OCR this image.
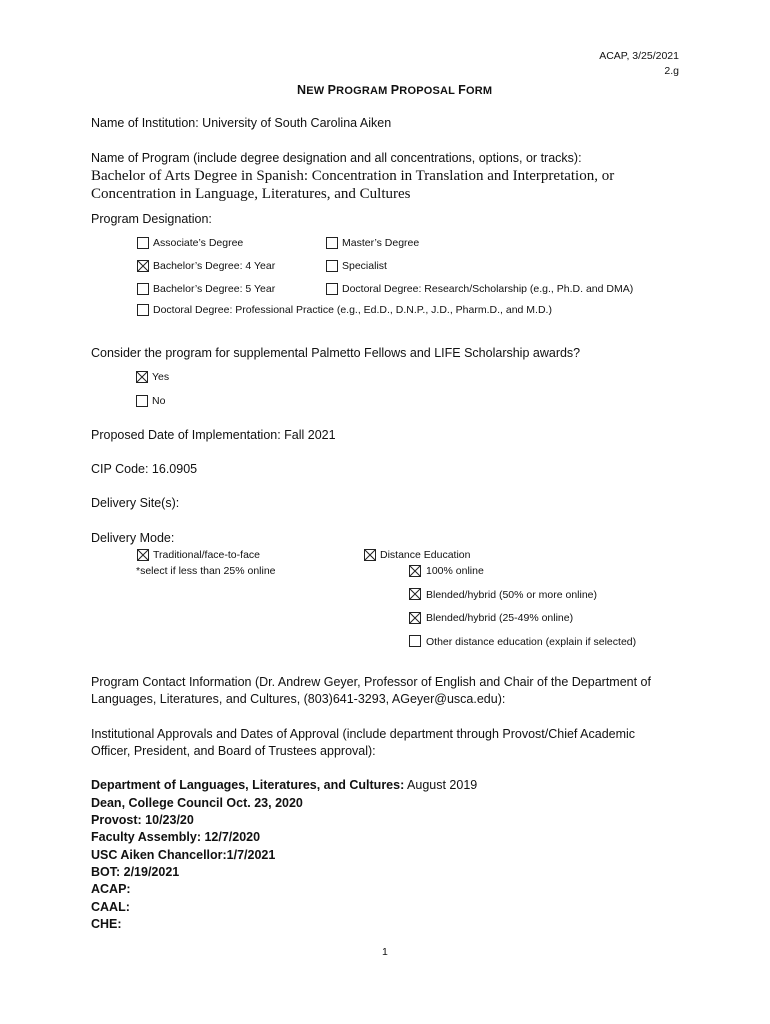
ACAP, 3/25/2021
2.g
NEW PROGRAM PROPOSAL FORM
Name of Institution: University of South Carolina Aiken
Name of Program (include degree designation and all concentrations, options, or tracks):
Bachelor of Arts Degree in Spanish: Concentration in Translation and Interpretation, or
Concentration in Language, Literatures, and Cultures
Program Designation:
Associate’s Degree	Master’s Degree
Bachelor’s Degree: 4 Year	Specialist
Bachelor’s Degree: 5 Year	Doctoral Degree: Research/Scholarship (e.g., Ph.D. and DMA)
Doctoral Degree: Professional Practice (e.g., Ed.D., D.N.P., J.D., Pharm.D., and M.D.)
Consider the program for supplemental Palmetto Fellows and LIFE Scholarship awards?
Yes
No
Proposed Date of Implementation: Fall 2021
CIP Code: 16.0905
Delivery Site(s):
Delivery Mode:
Traditional/face-to-face
*select if less than 25% online
Distance Education
100% online
Blended/hybrid (50% or more online)
Blended/hybrid (25-49% online)
Other distance education (explain if selected)
Program Contact Information (Dr. Andrew Geyer, Professor of English and Chair of the Department of
Languages, Literatures, and Cultures, (803)641-3293, AGeyer@usca.edu):
Institutional Approvals and Dates of Approval (include department through Provost/Chief Academic
Officer, President, and Board of Trustees approval):
Department of Languages, Literatures, and Cultures: August 2019
Dean, College Council Oct. 23, 2020
Provost: 10/23/20
Faculty Assembly: 12/7/2020
USC Aiken Chancellor:1/7/2021
BOT: 2/19/2021
ACAP:
CAAL:
CHE:
1
